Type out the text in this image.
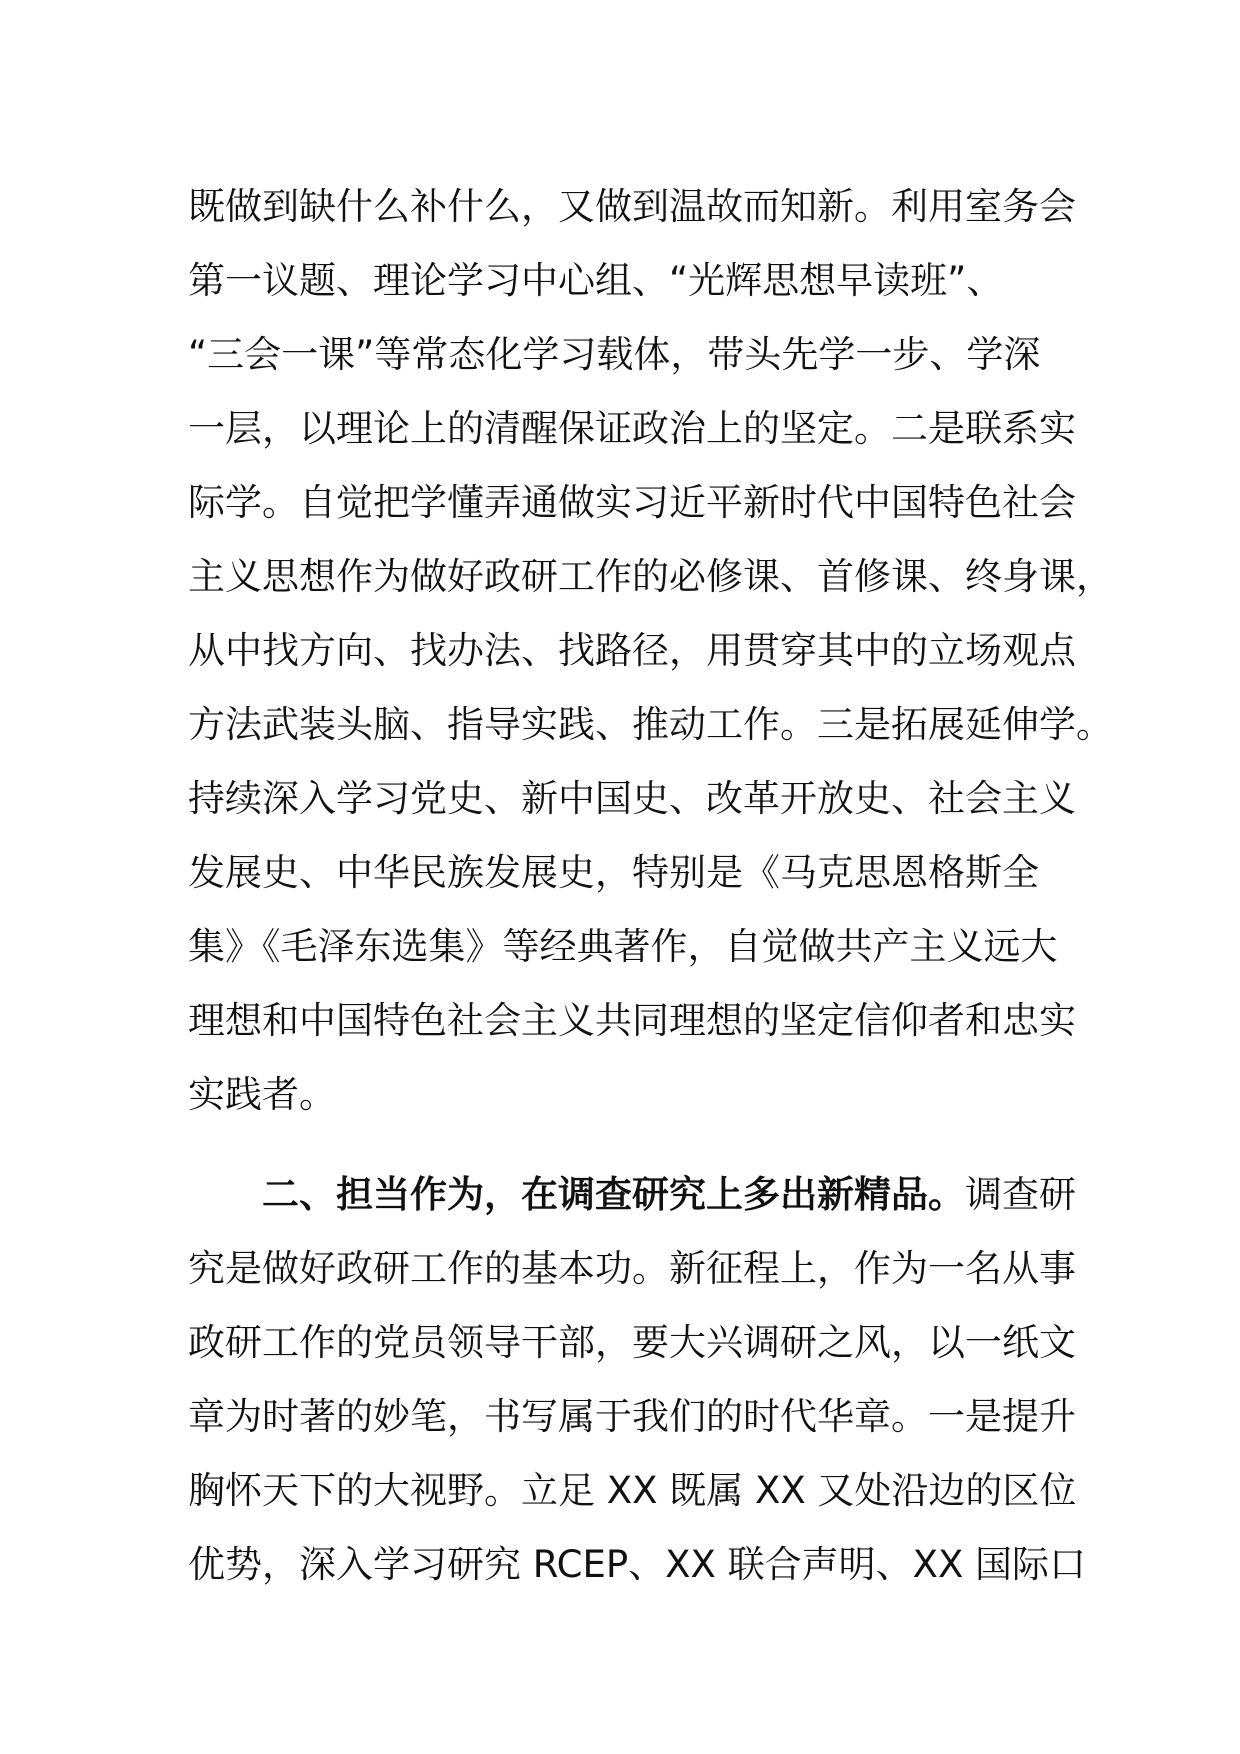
既做到缺什么补什么，又做到温故而知新。利用室务会
第一议题、理论学习中心组、“光辉思想早读班”、
“三会一课”等常态化学习载体，带头先学一步、学深
一层，以理论上的清醒保证政治上的坚定。二是联系实
际学。自觉把学懂弄通做实习近平新时代中国特色社会
主义思想作为做好政研工作的必修课、首修课、终身课，
从中找方向、找办法、找路径，用贯穿其中的立场观点
方法武装头脑、指导实践、推动工作。三是拓展延伸学。
持续深入学习党史、新中国史、改革开放史、社会主义
发展史、中华民族发展史，特别是《马克思恩格斯全
集》《毛泽东选集》等经典著作，自觉做共产主义远大
理想和中国特色社会主义共同理想的坚定信仰者和忠实
实践者。
二、担当作为，在调查研究上多出新精品。调查研
究是做好政研工作的基本功。新征程上，作为一名从事
政研工作的党员领导干部，要大兴调研之风，以一纸文
章为时著的妙笔，书写属于我们的时代华章。一是提升
胸怀天下的大视野。立足 XX 既属 XX 又处沿边的区位
优势，深入学习研究 RCEP、XX 联合声明、XX 国际口
